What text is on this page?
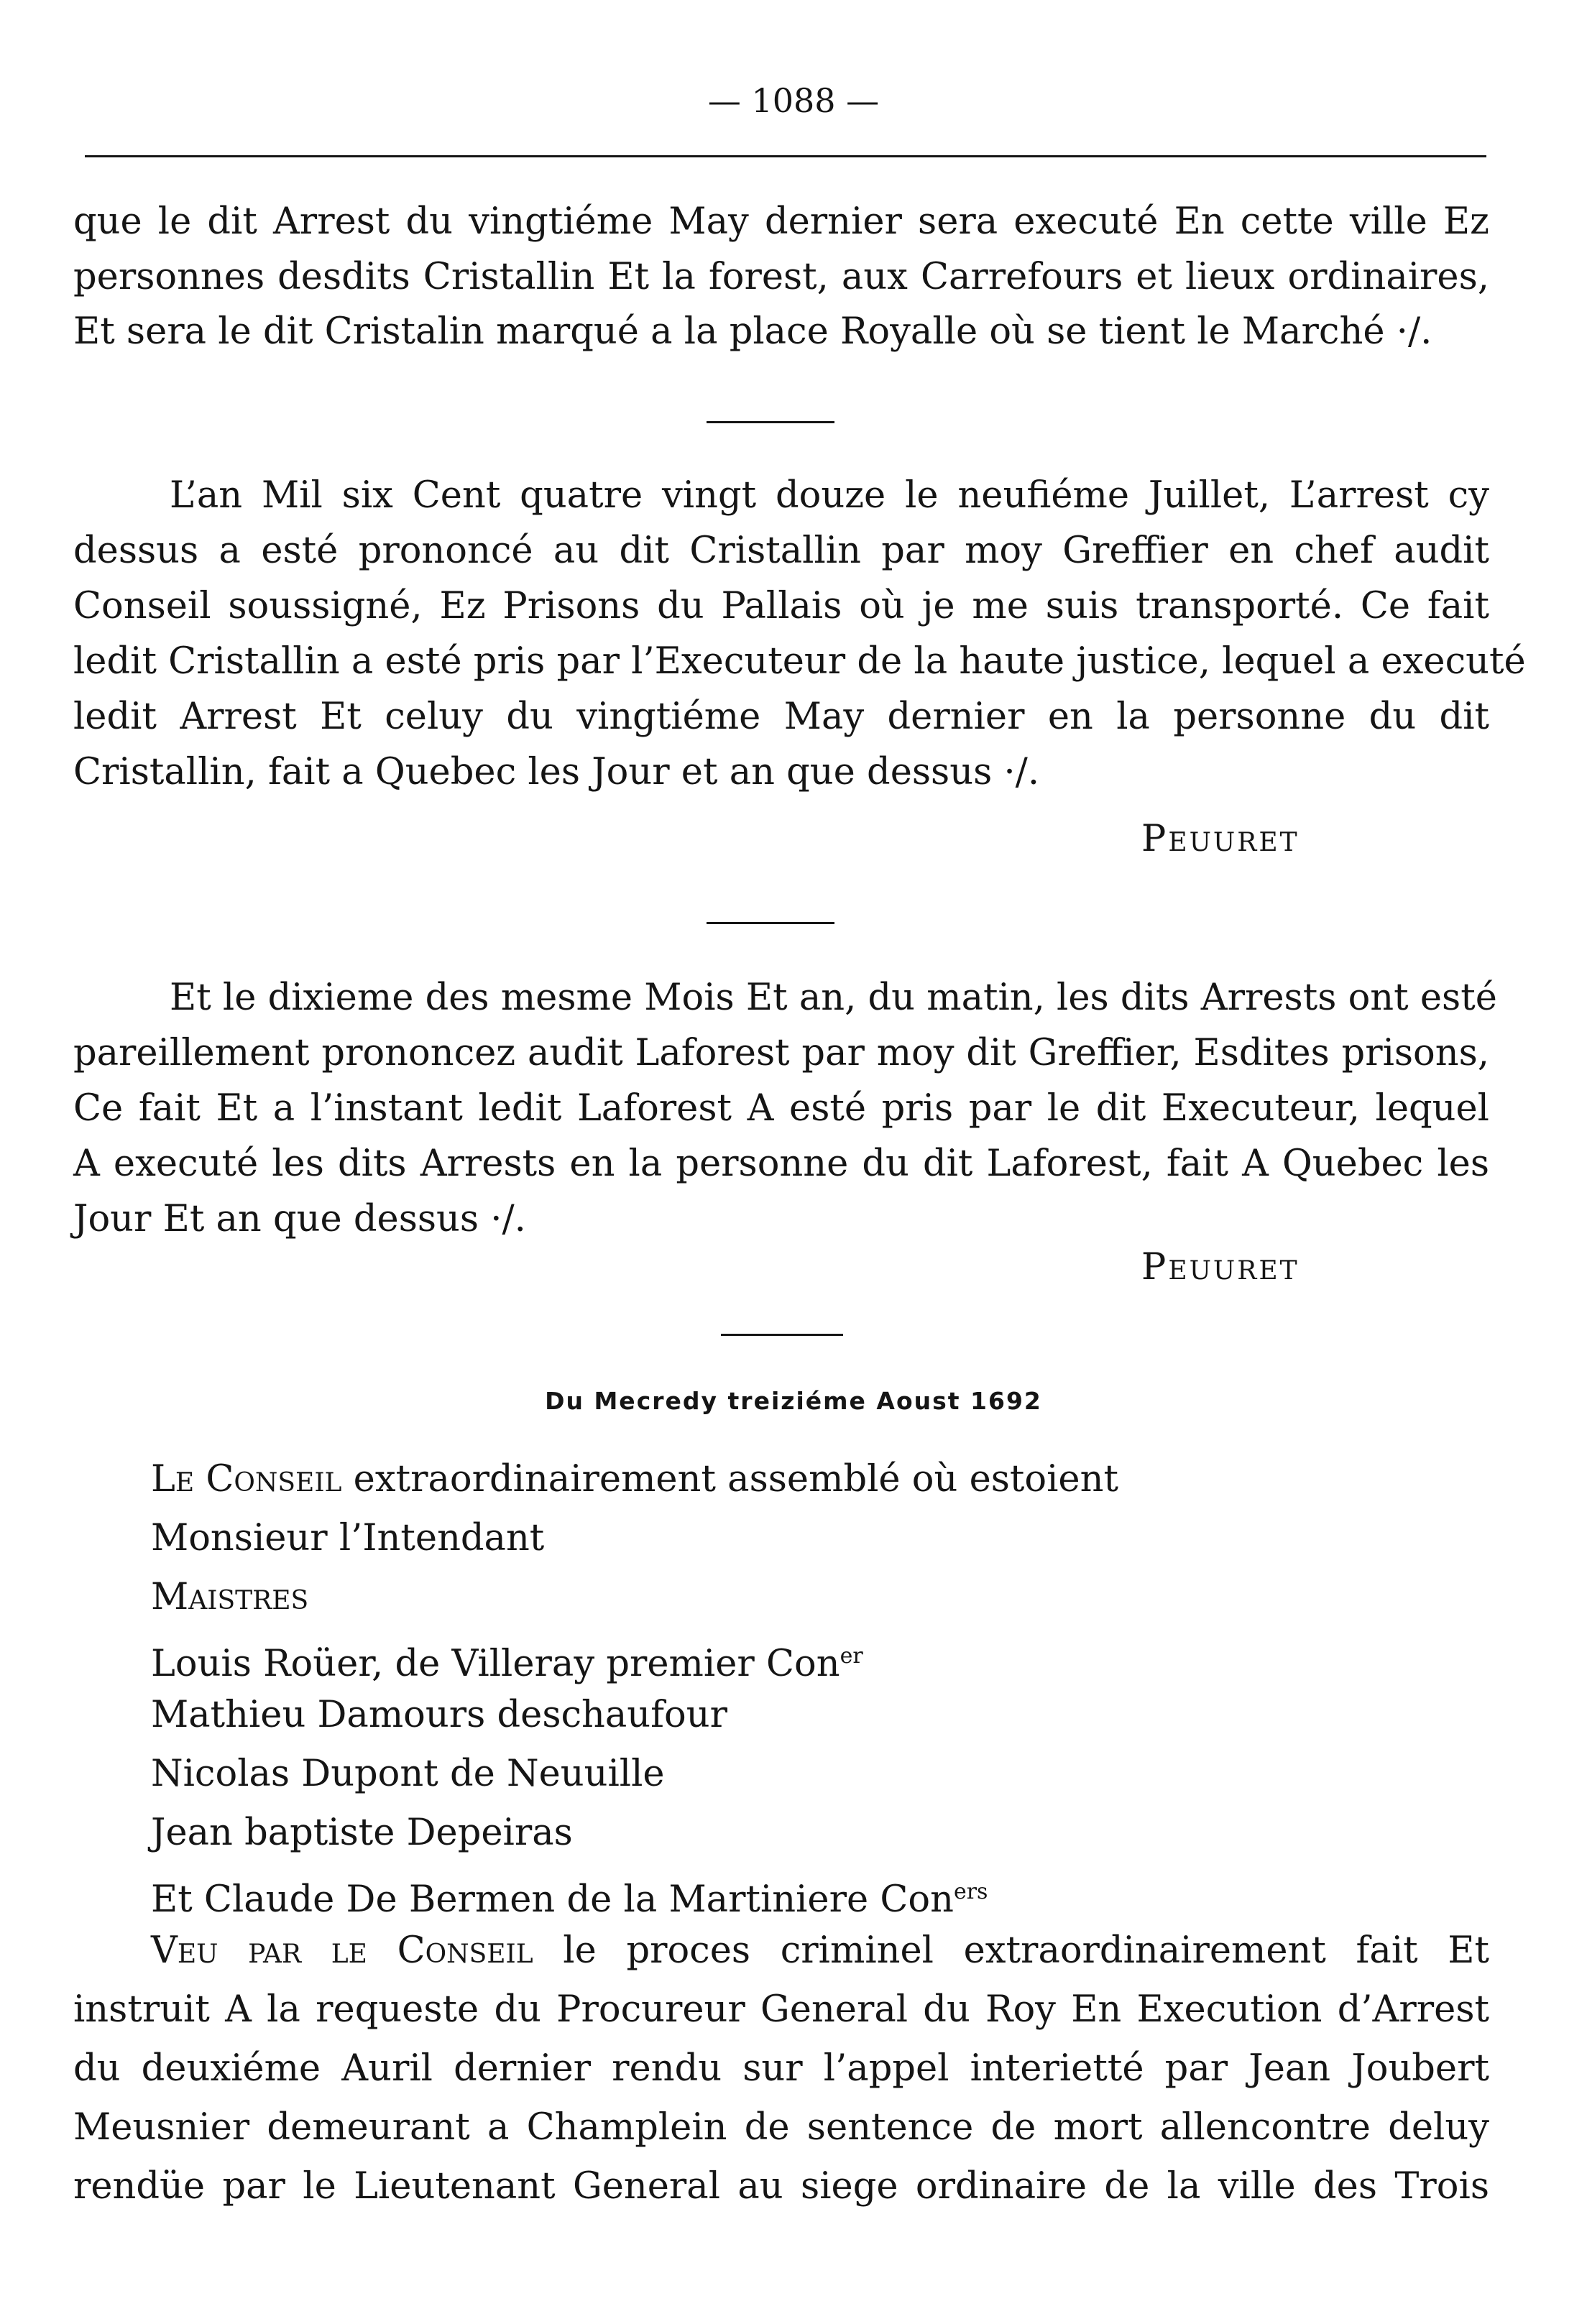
— 1088 —

que le dit Arrest du vingtiéme May dernier sera executé En cette ville Ez

personnes desdits Cristallin Et la forest, aux Carrefours et lieux ordinaires,

Et sera le dit Cristalin marqué a la place Royalle où se tient le Marché ·/.

L’an Mil six Cent quatre vingt douze le neufiéme Juillet, L’arrest cy

dessus a esté prononcé au dit Cristallin par moy Greffier en chef audit

Conseil soussigné, Ez Prisons du Pallais où je me suis transporté. Ce fait

ledit Cristallin a esté pris par l’Executeur de la haute justice, lequel a executé

ledit Arrest Et celuy du vingtiéme May dernier en la personne du dit

Cristallin, fait a Quebec les Jour et an que dessus ·/.

Peuuret

Et le dixieme des mesme Mois Et an, du matin, les dits Arrests ont esté

pareillement prononcez audit Laforest par moy dit Greffier, Esdites prisons,

Ce fait Et a l’instant ledit Laforest A esté pris par le dit Executeur, lequel

A executé les dits Arrests en la personne du dit Laforest, fait A Quebec les

Jour Et an que dessus ·/.

Peuuret

Du Mecredy treiziéme Aoust 1692

Le Conseil extraordinairement assemblé où estoient

Monsieur l’Intendant

Maistres

Louis Roüer, de Villeray premier Con$^{er}$

Mathieu Damours deschaufour

Nicolas Dupont de Neuuille

Jean baptiste Depeiras

Et Claude De Bermen de la Martiniere Con$^{ers}$

Veu par le Conseil le proces criminel extraordinairement fait Et

instruit A la requeste du Procureur General du Roy En Execution d’Arrest

du deuxiéme Auril dernier rendu sur l’appel interietté par Jean Joubert

Meusnier demeurant a Champlein de sentence de mort allencontre deluy

rendüe par le Lieutenant General au siege ordinaire de la ville des Trois
